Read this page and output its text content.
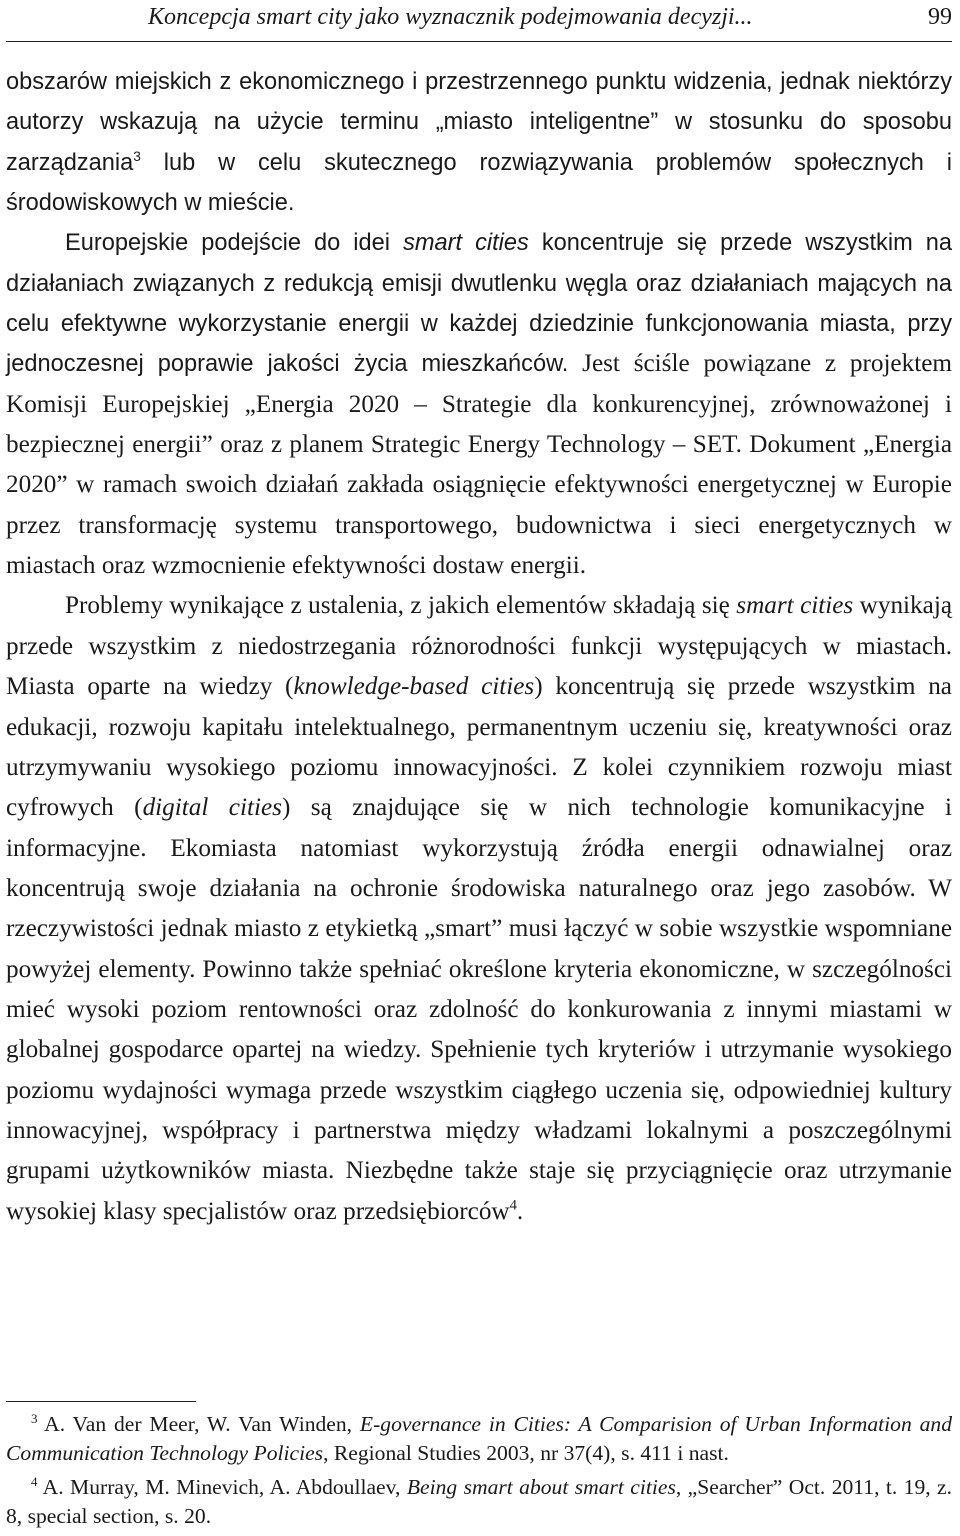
Koncepcja smart city jako wyznacznik podejmowania decyzji...	99

obszarów miejskich z ekonomicznego i przestrzennego punktu widzenia, jednak niektórzy autorzy wskazują na użycie terminu „miasto inteligentne” w stosunku do sposobu zarządzania$^3$ lub w celu skutecznego rozwiązywania problemów społecznych i środowiskowych w mieście.

Europejskie podejście do idei smart cities koncentruje się przede wszystkim na działaniach związanych z redukcją emisji dwutlenku węgla oraz działaniach mających na celu efektywne wykorzystanie energii w każdej dziedzinie funkcjonowania miasta, przy jednoczesnej poprawie jakości życia mieszkańców. Jest ściśle powiązane z projektem Komisji Europejskiej „Energia 2020 – Strategie dla konkurencyjnej, zrównoważonej i bezpiecznej energii” oraz z planem Strategic Energy Technology – SET. Dokument „Energia 2020” w ramach swoich działań zakłada osiągnięcie efektywności energetycznej w Europie przez transformację systemu transportowego, budownictwa i sieci energetycznych w miastach oraz wzmocnienie efektywności dostaw energii.

Problemy wynikające z ustalenia, z jakich elementów składają się smart cities wynikają przede wszystkim z niedostrzegania różnorodności funkcji występujących w miastach. Miasta oparte na wiedzy (knowledge-based cities) koncentrują się przede wszystkim na edukacji, rozwoju kapitału intelektualnego, permanentnym uczeniu się, kreatywności oraz utrzymywaniu wysokiego poziomu innowacyjności. Z kolei czynnikiem rozwoju miast cyfrowych (digital cities) są znajdujące się w nich technologie komunikacyjne i informacyjne. Ekomiasta natomiast wykorzystują źródła energii odnawialnej oraz koncentrują swoje działania na ochronie środowiska naturalnego oraz jego zasobów. W rzeczywistości jednak miasto z etykietką „smart” musi łączyć w sobie wszystkie wspomniane powyżej elementy. Powinno także spełniać określone kryteria ekonomiczne, w szczególności mieć wysoki poziom rentowności oraz zdolność do konkurowania z innymi miastami w globalnej gospodarce opartej na wiedzy. Spełnienie tych kryteriów i utrzymanie wysokiego poziomu wydajności wymaga przede wszystkim ciągłego uczenia się, odpowiedniej kultury innowacyjnej, współpracy i partnerstwa między władzami lokalnymi a poszczególnymi grupami użytkowników miasta. Niezbędne także staje się przyciągnięcie oraz utrzymanie wysokiej klasy specjalistów oraz przedsiębiorców$^4$.

$^3$ A. Van der Meer, W. Van Winden, E-governance in Cities: A Comparision of Urban Information and Communication Technology Policies, Regional Studies 2003, nr 37(4), s. 411 i nast.

$^4$ A. Murray, M. Minevich, A. Abdoullaev, Being smart about smart cities, „Searcher” Oct. 2011, t. 19, z. 8, special section, s. 20.
